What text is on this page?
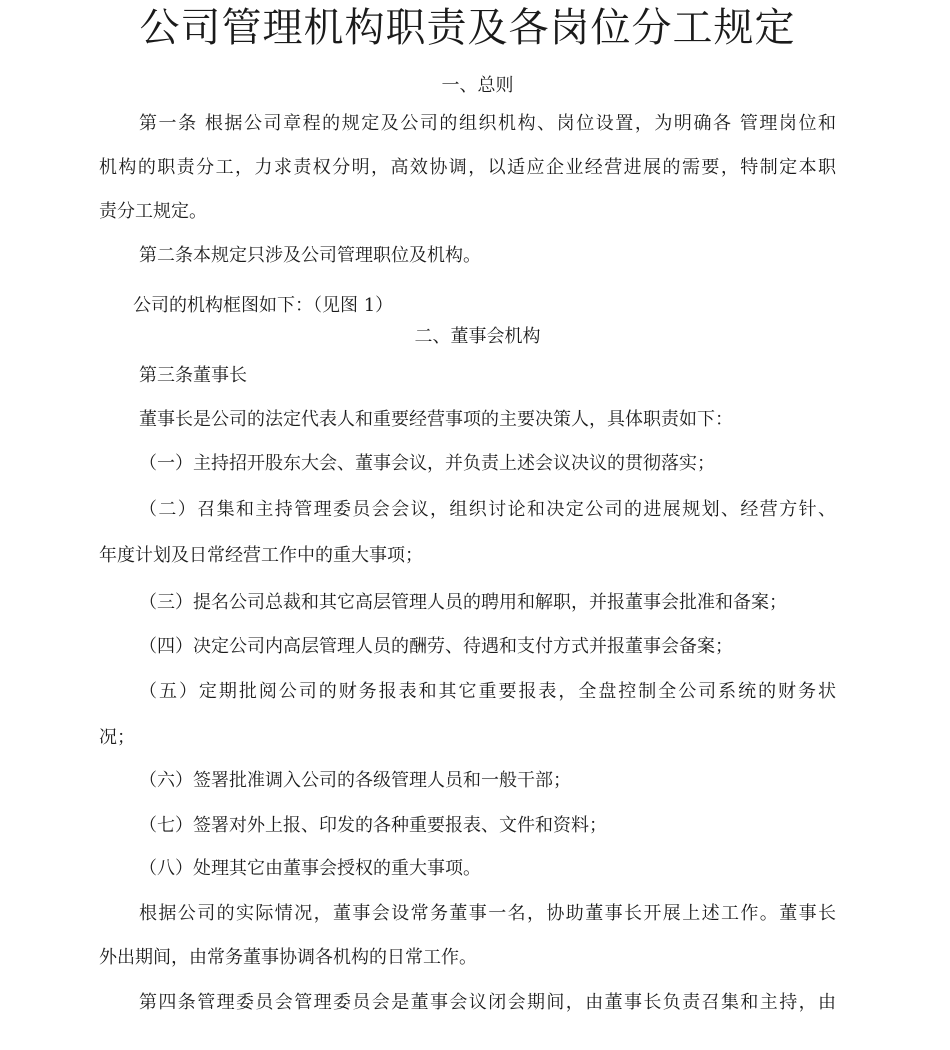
公司管理机构职责及各岗位分工规定
一、总则
第一条 根据公司章程的规定及公司的组织机构、岗位设置，为明确各 管理岗位和
机构的职责分工，力求责权分明，高效协调，以适应企业经营进展的需要，特制定本职
责分工规定。
第二条本规定只涉及公司管理职位及机构。
公司的机构框图如下：（见图 1）
二、董事会机构
第三条董事长
董事长是公司的法定代表人和重要经营事项的主要决策人，具体职责如下：
（一）主持招开股东大会、董事会议，并负责上述会议决议的贯彻落实；
（二）召集和主持管理委员会会议，组织讨论和决定公司的进展规划、经营方针、
年度计划及日常经营工作中的重大事项；
（三）提名公司总裁和其它高层管理人员的聘用和解职，并报董事会批准和备案；
（四）决定公司内高层管理人员的酬劳、待遇和支付方式并报董事会备案；
（五）定期批阅公司的财务报表和其它重要报表，全盘控制全公司系统的财务状
况；
（六）签署批准调入公司的各级管理人员和一般干部；
（七）签署对外上报、印发的各种重要报表、文件和资料；
（八）处理其它由董事会授权的重大事项。
根据公司的实际情况，董事会设常务董事一名，协助董事长开展上述工作。董事长
外出期间，由常务董事协调各机构的日常工作。
第四条管理委员会管理委员会是董事会议闭会期间，由董事长负责召集和主持，由
